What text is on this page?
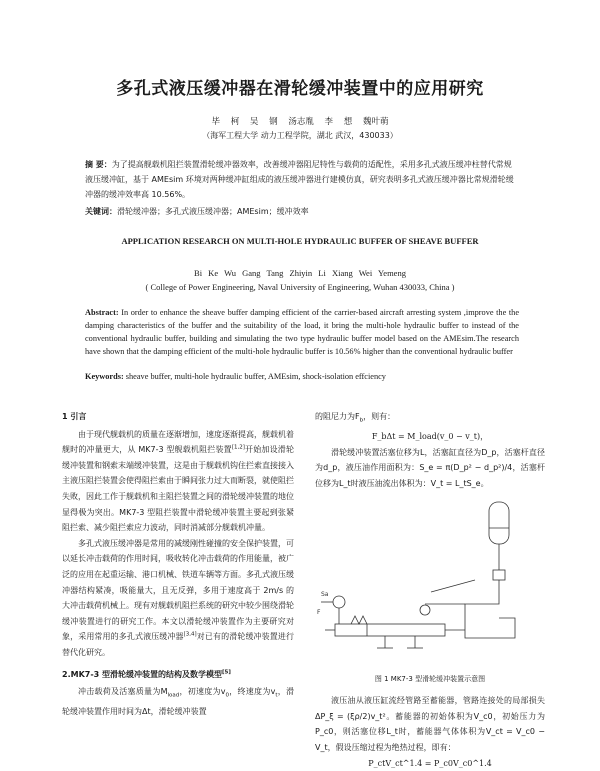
多孔式液压缓冲器在滑轮缓冲装置中的应用研究
毕 柯 吴 钢 汤志胤 李 想 魏叶萌
（海军工程大学 动力工程学院，湖北 武汉，430033）
摘 要：为了提高舰载机阻拦装置滑轮缓冲器效率，改善缓冲器阻尼特性与载荷的适配性，采用多孔式液压缓冲柱替代常规液压缓冲缸，基于 AMEsim 环境对两种缓冲缸组成的液压缓冲器进行建模仿真，研究表明多孔式液压缓冲器比常规滑轮缓冲器的缓冲效率高 10.56%。
关键词：滑轮缓冲器；多孔式液压缓冲器；AMEsim；缓冲效率
APPLICATION RESEARCH ON MULTI-HOLE HYDRAULIC BUFFER OF SHEAVE BUFFER
Bi Ke Wu Gang Tang Zhiyin Li Xiang Wei Yemeng
( College of Power Engineering, Naval University of Engineering, Wuhan 430033, China )
Abstract: In order to enhance the sheave buffer damping efficient of the carrier-based aircraft arresting system ,improve the the damping characteristics of the buffer and the suitability of the load, it bring the multi-hole hydraulic buffer to instead of the conventional hydraulic buffer, building and simulating the two type hydraulic buffer model based on the AMEsim.The research have shown that the damping efficient of the multi-hole hydraulic buffer is 10.56% higher than the conventional hydraulic buffer
Keywords: sheave buffer, multi-hole hydraulic buffer, AMEsim, shock-isolation effciency
1 引言

由于现代舰载机的质量在逐渐增加，速度逐渐提高，舰载机着舰时的冲量更大，从 MK7-3 型舰载机阻拦装置[1,2]开始加设滑轮缓冲装置和钢索末端缓冲装置，这是由于舰载机钩住拦索直接接入主液压阻拦装置会使得阻拦索由于瞬间张力过大而断裂，就使阻拦失败，因此工作于舰载机和主阻拦装置之间的滑轮缓冲装置的地位显得极为突出。MK7-3 型阻拦装置中滑轮缓冲装置主要起到张紧阻拦索、减少阻拦索应力波动，同时消减部分舰载机冲量。

多孔式液压缓冲器是常用的减缓刚性碰撞的安全保护装置，可以延长冲击载荷的作用时间，吸收转化冲击载荷的作用能量，被广泛的应用在起重运输、港口机械、铁道车辆等方面。多孔式液压缓冲器结构紧凑，吸能量大，且无反弹，多用于速度高于 2m/s 的大冲击载荷机械上。现有对舰载机阻拦系统的研究中较少围绕滑轮缓冲装置进行的研究工作。本文以滑轮缓冲装置作为主要研究对象，采用常用的多孔式液压缓冲器[3,4]对已有的滑轮缓冲装置进行替代化研究。

2.MK7-3 型滑轮缓冲装置的结构及数学模型[5]

冲击载荷及活塞质量为$M_{load}$，初速度为$v_0$，终速度为$v_t$，滑轮缓冲装置作用时间为Δt，滑轮缓冲装置

的阻尼力为$F_b$，则有：

F_bΔt = M_load(v_0 − v_t)，

滑轮缓冲装置活塞位移为L，活塞缸直径为D_p，活塞杆直径为d_p，液压油作用面积为：S_e = π(D_p² − d_p²)/4，活塞杆位移为L_t时液压油流出体积为：V_t = L_tS_e。

Sa
F
图 1 MK7-3 型滑轮缓冲装置示意图

液压油从液压缸流经管路至蓄能器，管路连接处的局部损失ΔP_ξ = (ξρ/2)v_t²。蓄能器的初始体积为V_c0，初始压力为P_c0，则活塞位移L_t时，蓄能器气体体积为V_ct = V_c0 − V_t，假设压缩过程为绝热过程，即有：

P_ctV_ct^1.4 = P_c0V_c0^1.4
